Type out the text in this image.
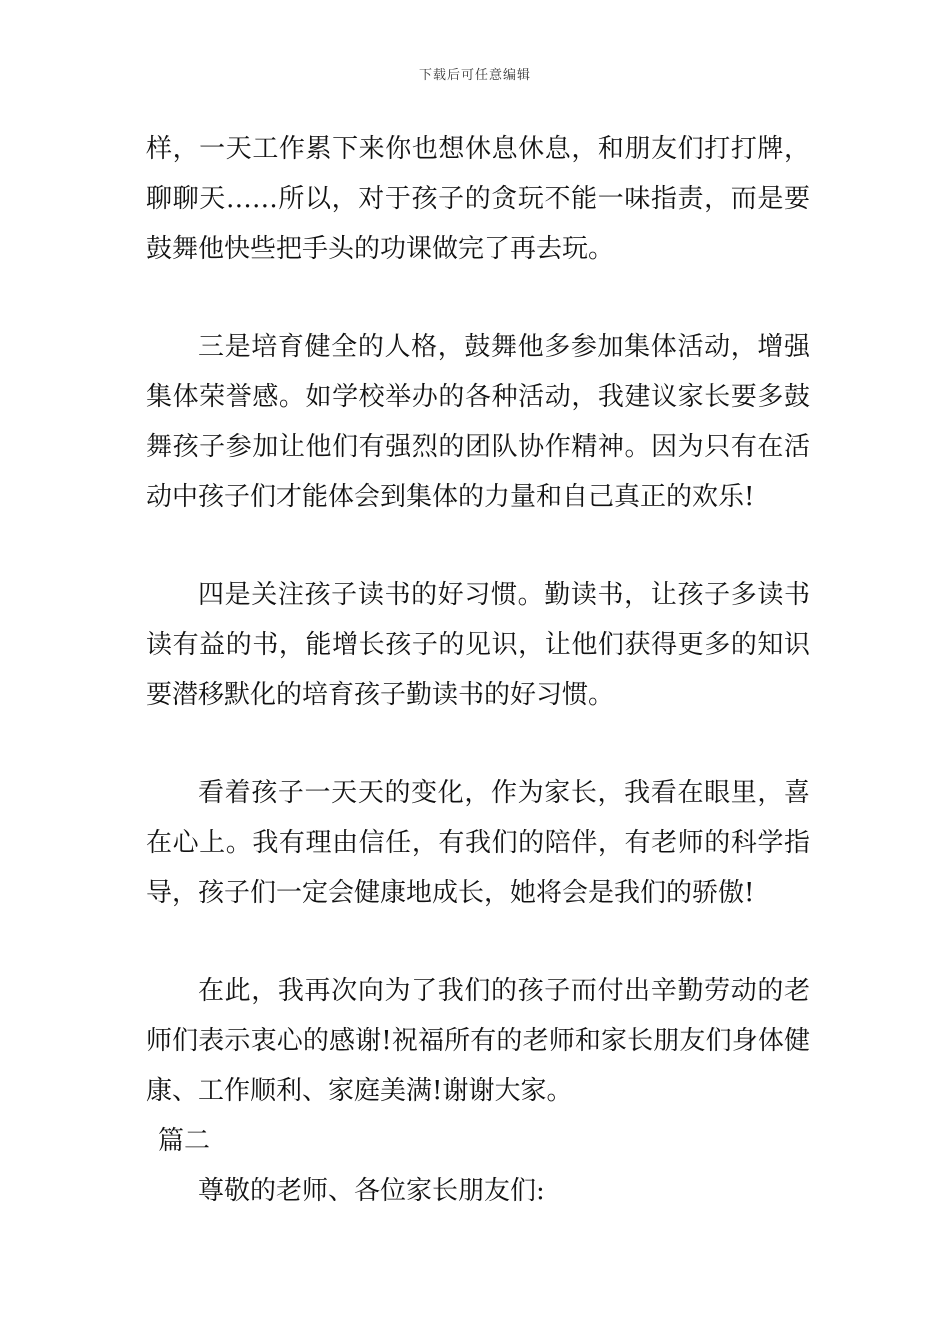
下载后可任意编辑

样，一天工作累下来你也想休息休息，和朋友们打打牌，聊聊天……所以，对于孩子的贪玩不能一味指责，而是要鼓舞他快些把手头的功课做完了再去玩。

三是培育健全的人格，鼓舞他多参加集体活动，增强集体荣誉感。如学校举办的各种活动，我建议家长要多鼓舞孩子参加让他们有强烈的团队协作精神。因为只有在活动中孩子们才能体会到集体的力量和自己真正的欢乐!

四是关注孩子读书的好习惯。勤读书，让孩子多读书读有益的书，能增长孩子的见识，让他们获得更多的知识要潜移默化的培育孩子勤读书的好习惯。

看着孩子一天天的变化，作为家长，我看在眼里，喜在心上。我有理由信任，有我们的陪伴，有老师的科学指导，孩子们一定会健康地成长，她将会是我们的骄傲!

在此，我再次向为了我们的孩子而付出辛勤劳动的老师们表示衷心的感谢!祝福所有的老师和家长朋友们身体健康、工作顺利、家庭美满!谢谢大家。

篇二

尊敬的老师、各位家长朋友们:
